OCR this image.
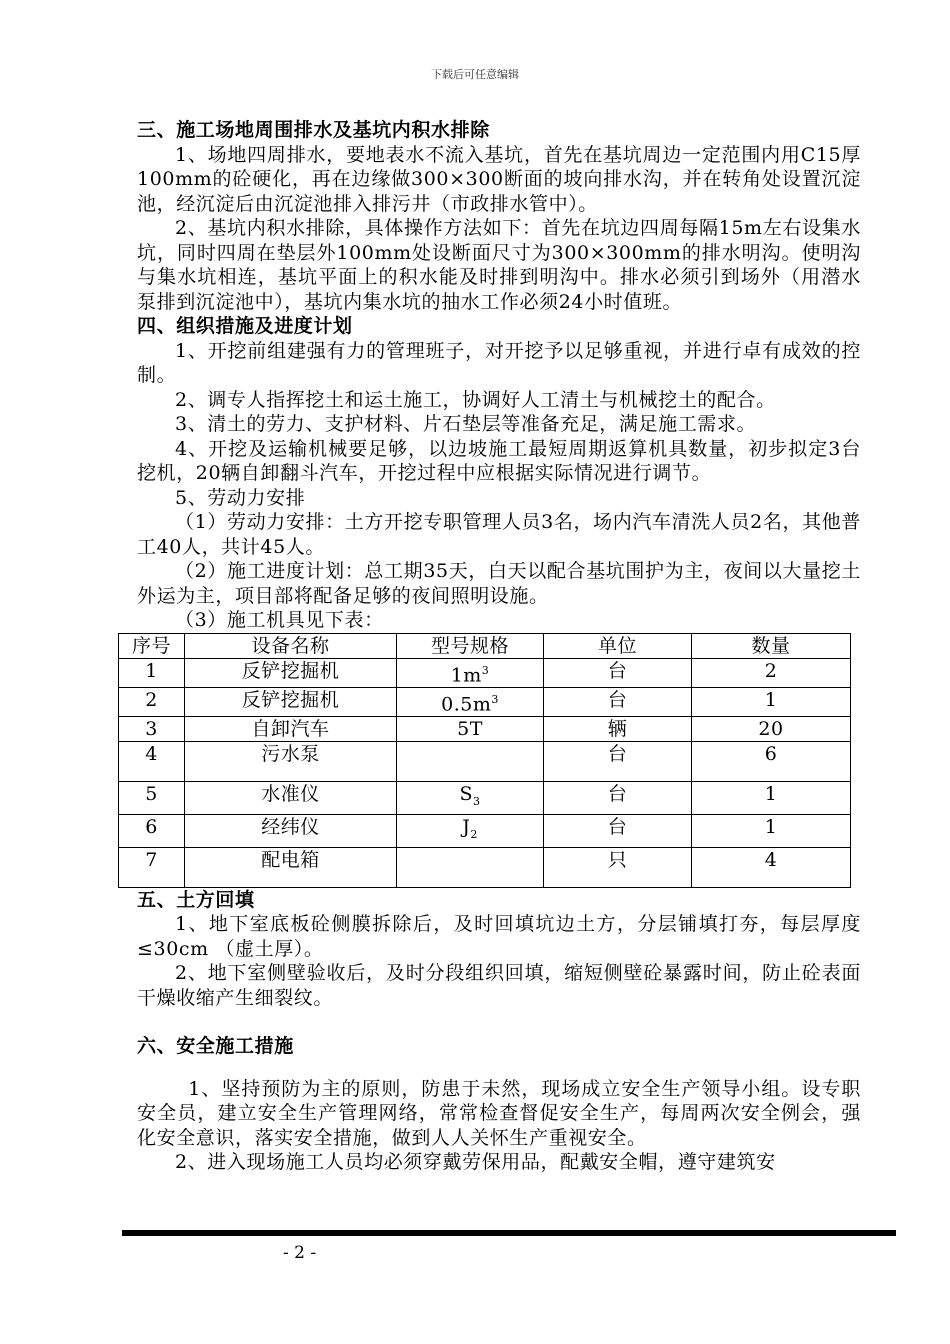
下载后可任意编辑

三、施工场地周围排水及基坑内积水排除

1、场地四周排水，要地表水不流入基坑，首先在基坑周边一定范围内用C15厚100mm的砼硬化，再在边缘做300×300断面的坡向排水沟，并在转角处设置沉淀池，经沉淀后由沉淀池排入排污井（市政排水管中）。

2、基坑内积水排除，具体操作方法如下：首先在坑边四周每隔15m左右设集水坑，同时四周在垫层外100mm处设断面尺寸为300×300mm的排水明沟。使明沟与集水坑相连，基坑平面上的积水能及时排到明沟中。排水必须引到场外（用潜水泵排到沉淀池中），基坑内集水坑的抽水工作必须24小时值班。

四、组织措施及进度计划

1、开挖前组建强有力的管理班子，对开挖予以足够重视，并进行卓有成效的控制。

2、调专人指挥挖土和运土施工，协调好人工清土与机械挖土的配合。

3、清土的劳力、支护材料、片石垫层等准备充足，满足施工需求。

4、开挖及运输机械要足够，以边坡施工最短周期返算机具数量，初步拟定3台挖机，20辆自卸翻斗汽车，开挖过程中应根据实际情况进行调节。

5、劳动力安排

（1）劳动力安排：土方开挖专职管理人员3名，场内汽车清洗人员2名，其他普工40人，共计45人。

（2）施工进度计划：总工期35天，白天以配合基坑围护为主，夜间以大量挖土外运为主，项目部将配备足够的夜间照明设施。

（3）施工机具见下表：

序号	设备名称	型号规格	单位	数量
1	反铲挖掘机	$1m^3$	台	2
2	反铲挖掘机	$0.5m^3$	台	1
3	自卸汽车	5T	辆	20
4	污水泵		台	6
5	水准仪	$S_3$	台	1
6	经纬仪	$J_2$	台	1
7	配电箱		只	4

五、土方回填

1、地下室底板砼侧膜拆除后，及时回填坑边土方，分层铺填打夯，每层厚度≤30cm （虚土厚）。

2、地下室侧壁验收后，及时分段组织回填，缩短侧壁砼暴露时间，防止砼表面干燥收缩产生细裂纹。

六、安全施工措施

1、坚持预防为主的原则，防患于未然，现场成立安全生产领导小组。设专职安全员，建立安全生产管理网络，常常检查督促安全生产，每周两次安全例会，强化安全意识，落实安全措施，做到人人关怀生产重视安全。

2、进入现场施工人员均必须穿戴劳保用品，配戴安全帽，遵守建筑安

- 2 -
